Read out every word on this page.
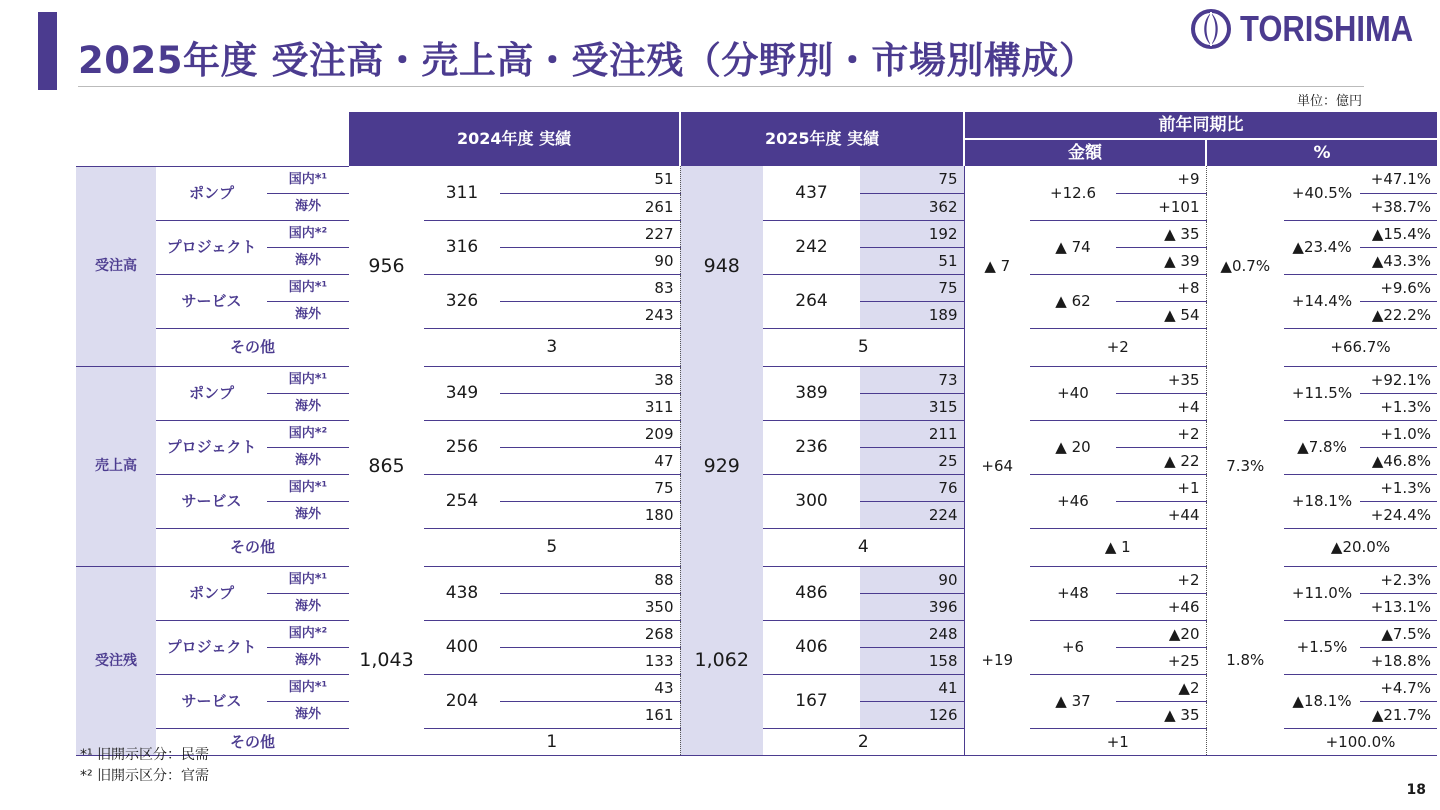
2025年度 受注高・売上高・受注残（分野別・市場別構成）
TORISHIMA
単位：億円
			2024年度 実績			2025年度 実績			前年同期比					
									金額			%		
受注高	ポンプ	国内*¹	956	311	51	948	437	75	▲ 7	+12.6	+9	▲0.7%	+40.5%	+47.1%
		海外			261			362			+101			+38.7%
	プロジェクト	国内*²		316	227		242	192		▲ 74	▲ 35		▲23.4%	▲15.4%
		海外			90			51			▲ 39			▲43.3%
	サービス	国内*¹		326	83		264	75		▲ 62	+8		+14.4%	+9.6%
		海外			243			189			▲ 54			▲22.2%
	その他			3			5			+2			+66.7%	
売上高	ポンプ	国内*¹	865	349	38	929	389	73	+64	+40	+35	7.3%	+11.5%	+92.1%
		海外			311			315			+4			+1.3%
	プロジェクト	国内*²		256	209		236	211		▲ 20	+2		▲7.8%	+1.0%
		海外			47			25			▲ 22			▲46.8%
	サービス	国内*¹		254	75		300	76		+46	+1		+18.1%	+1.3%
		海外			180			224			+44			+24.4%
	その他			5			4			▲ 1			▲20.0%	
受注残	ポンプ	国内*¹	1,043	438	88	1,062	486	90	+19	+48	+2	1.8%	+11.0%	+2.3%
		海外			350			396			+46			+13.1%
	プロジェクト	国内*²		400	268		406	248		+6	▲20		+1.5%	▲7.5%
		海外			133			158			+25			+18.8%
	サービス	国内*¹		204	43		167	41		▲ 37	▲2		▲18.1%	+4.7%
		海外			161			126			▲ 35			▲21.7%
	その他			1			2			+1			+100.0%	
*¹ 旧開示区分：民需
*² 旧開示区分：官需
18
